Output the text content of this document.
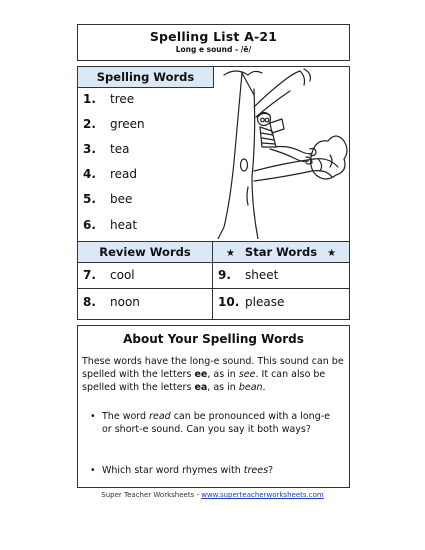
Spelling List A-21
Long e sound - /ē/
Spelling Words
1. tree
2. green
3. tea
4. read
5. bee
6. heat
Review Words	★ Star Words ★
7. cool
8. noon
9. sheet
10. please
About Your Spelling Words
These words have the long-e sound. This sound can be spelled with the letters ee, as in see. It can also be spelled with the letters ea, as in bean.
• The word read can be pronounced with a long-e or short-e sound. Can you say it both ways?
• Which star word rhymes with trees?
Super Teacher Worksheets - www.superteacherworksheets.com
